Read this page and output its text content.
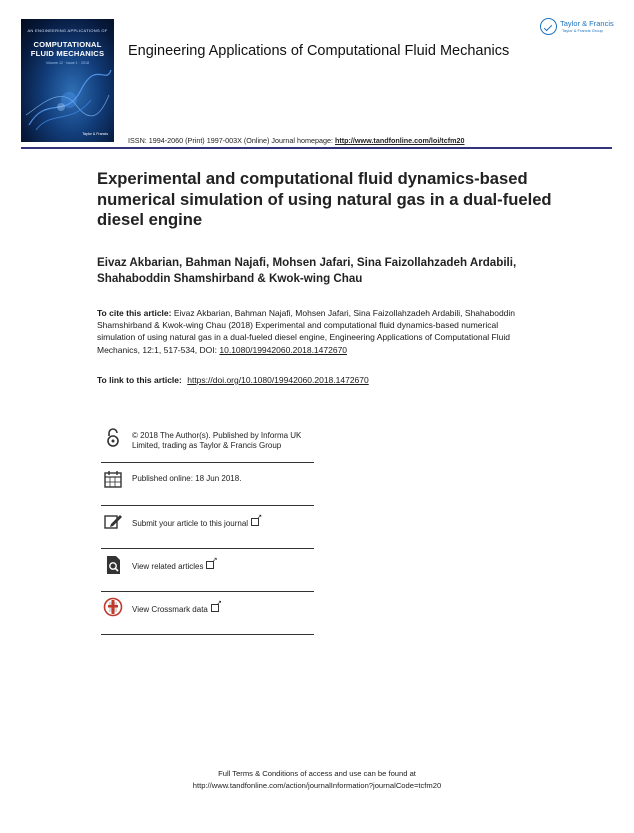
AN ENGINEERING APPLICATIONS OF
COMPUTATIONAL
FLUID MECHANICS
Volume 12 · Issue 1 · 2018
Taylor & Francis
Engineering Applications of Computational Fluid Mechanics
ISSN: 1994-2060 (Print) 1997-003X (Online) Journal homepage: http://www.tandfonline.com/loi/tcfm20
Taylor & Francis
Taylor & Francis Group
Experimental and computational fluid dynamics-based numerical simulation of using natural gas in a dual-fueled diesel engine
Eivaz Akbarian, Bahman Najafi, Mohsen Jafari, Sina Faizollahzadeh Ardabili, Shahaboddin Shamshirband & Kwok-wing Chau
To cite this article: Eivaz Akbarian, Bahman Najafi, Mohsen Jafari, Sina Faizollahzadeh Ardabili, Shahaboddin Shamshirband & Kwok-wing Chau (2018) Experimental and computational fluid dynamics-based numerical simulation of using natural gas in a dual-fueled diesel engine, Engineering Applications of Computational Fluid Mechanics, 12:1, 517-534, DOI: 10.1080/19942060.2018.1472670
To link to this article: https://doi.org/10.1080/19942060.2018.1472670
© 2018 The Author(s). Published by Informa UK Limited, trading as Taylor & Francis Group
Published online: 18 Jun 2018.
Submit your article to this journal↗
View related articles↗
View Crossmark data↗
Full Terms & Conditions of access and use can be found at
http://www.tandfonline.com/action/journalInformation?journalCode=tcfm20
